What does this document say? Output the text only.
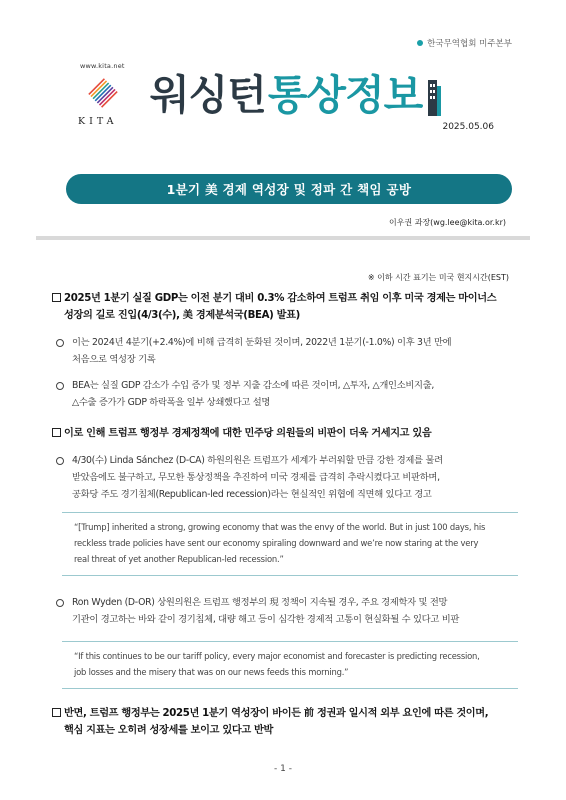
한국무역협회 미주본부
www.kita.net
KITA
워싱턴 통상정보
2025.05.06
1분기 美 경제 역성장 및 정파 간 책임 공방
이우권 과장(wg.lee@kita.or.kr)
※ 이하 시간 표기는 미국 현지시간(EST)
2025년 1분기 실질 GDP는 이전 분기 대비 0.3% 감소하여 트럼프 취임 이후 미국 경제는 마이너스
성장의 길로 진입(4/3(수), 美 경제분석국(BEA) 발표)
이는 2024년 4분기(+2.4%)에 비해 급격히 둔화된 것이며, 2022년 1분기(-1.0%) 이후 3년 만에
처음으로 역성장 기록
BEA는 실질 GDP 감소가 수입 증가 및 정부 지출 감소에 따른 것이며, △투자, △개인소비지출,
△수출 증가가 GDP 하락폭을 일부 상쇄했다고 설명
이로 인해 트럼프 행정부 경제정책에 대한 민주당 의원들의 비판이 더욱 거세지고 있음
4/30(수) Linda Sánchez (D-CA) 하원의원은 트럼프가 세계가 부러워할 만큼 강한 경제를 물려
받았음에도 불구하고, 무모한 통상정책을 추진하여 미국 경제를 급격히 추락시켰다고 비판하며,
공화당 주도 경기침체(Republican-led recession)라는 현실적인 위협에 직면해 있다고 경고
“[Trump] inherited a strong, growing economy that was the envy of the world. But in just 100 days, his
reckless trade policies have sent our economy spiraling downward and we’re now staring at the very
real threat of yet another Republican-led recession.”
Ron Wyden (D-OR) 상원의원은 트럼프 행정부의 現 정책이 지속될 경우, 주요 경제학자 및 전망
기관이 경고하는 바와 같이 경기침체, 대량 해고 등이 심각한 경제적 고통이 현실화될 수 있다고 비판
“If this continues to be our tariff policy, every major economist and forecaster is predicting recession,
job losses and the misery that was on our news feeds this morning.”
반면, 트럼프 행정부는 2025년 1분기 역성장이 바이든 前 정권과 일시적 외부 요인에 따른 것이며,
핵심 지표는 오히려 성장세를 보이고 있다고 반박
- 1 -
